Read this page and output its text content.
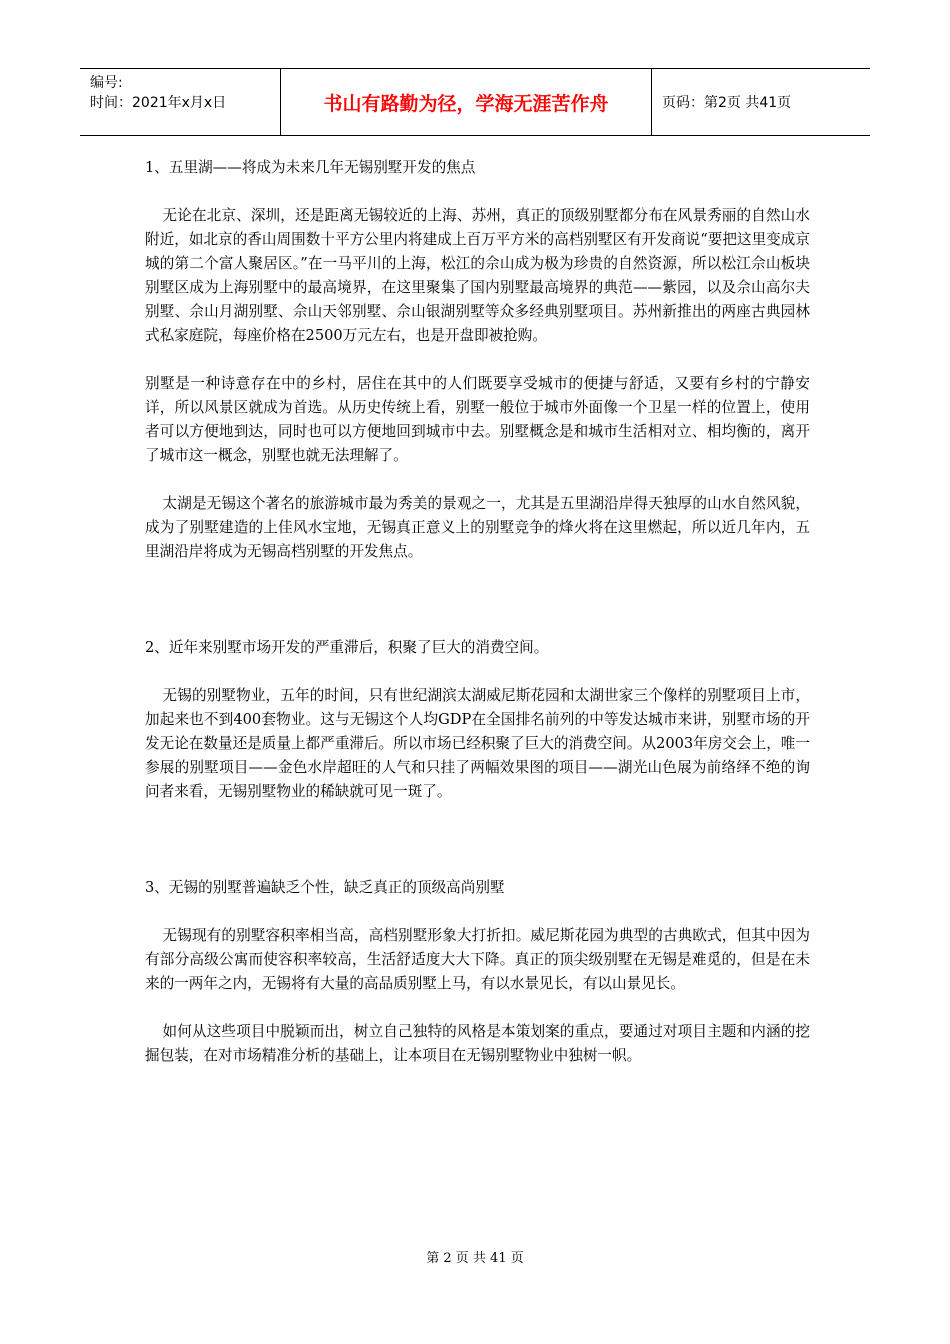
编号:
时间：2021年x月x日	书山有路勤为径，学海无涯苦作舟	页码：第2页 共41页

1、五里湖——将成为未来几年无锡别墅开发的焦点

无论在北京、深圳，还是距离无锡较近的上海、苏州，真正的顶级别墅都分布在风景秀丽的自然山水附近，如北京的香山周围数十平方公里内将建成上百万平方米的高档别墅区有开发商说“要把这里变成京城的第二个富人聚居区。”在一马平川的上海，松江的佘山成为极为珍贵的自然资源，所以松江佘山板块别墅区成为上海别墅中的最高境界，在这里聚集了国内别墅最高境界的典范——紫园，以及佘山高尔夫别墅、佘山月湖别墅、佘山天邻别墅、佘山银湖别墅等众多经典别墅项目。苏州新推出的两座古典园林式私家庭院，每座价格在2500万元左右，也是开盘即被抢购。

别墅是一种诗意存在中的乡村，居住在其中的人们既要享受城市的便捷与舒适，又要有乡村的宁静安详，所以风景区就成为首选。从历史传统上看，别墅一般位于城市外面像一个卫星一样的位置上，使用者可以方便地到达，同时也可以方便地回到城市中去。别墅概念是和城市生活相对立、相均衡的，离开了城市这一概念，别墅也就无法理解了。

太湖是无锡这个著名的旅游城市最为秀美的景观之一，尤其是五里湖沿岸得天独厚的山水自然风貌，成为了别墅建造的上佳风水宝地，无锡真正意义上的别墅竞争的烽火将在这里燃起，所以近几年内，五里湖沿岸将成为无锡高档别墅的开发焦点。

2、近年来别墅市场开发的严重滞后，积聚了巨大的消费空间。

无锡的别墅物业，五年的时间，只有世纪湖滨太湖威尼斯花园和太湖世家三个像样的别墅项目上市，加起来也不到400套物业。这与无锡这个人均GDP在全国排名前列的中等发达城市来讲，别墅市场的开发无论在数量还是质量上都严重滞后。所以市场已经积聚了巨大的消费空间。从2003年房交会上，唯一参展的别墅项目——金色水岸超旺的人气和只挂了两幅效果图的项目——湖光山色展为前络绎不绝的询问者来看，无锡别墅物业的稀缺就可见一斑了。

3、无锡的别墅普遍缺乏个性，缺乏真正的顶级高尚别墅

无锡现有的别墅容积率相当高，高档别墅形象大打折扣。威尼斯花园为典型的古典欧式，但其中因为有部分高级公寓而使容积率较高，生活舒适度大大下降。真正的顶尖级别墅在无锡是难觅的，但是在未来的一两年之内，无锡将有大量的高品质别墅上马，有以水景见长，有以山景见长。

如何从这些项目中脱颖而出，树立自己独特的风格是本策划案的重点，要通过对项目主题和内涵的挖掘包装，在对市场精准分析的基础上，让本项目在无锡别墅物业中独树一帜。

第 2 页 共 41 页
